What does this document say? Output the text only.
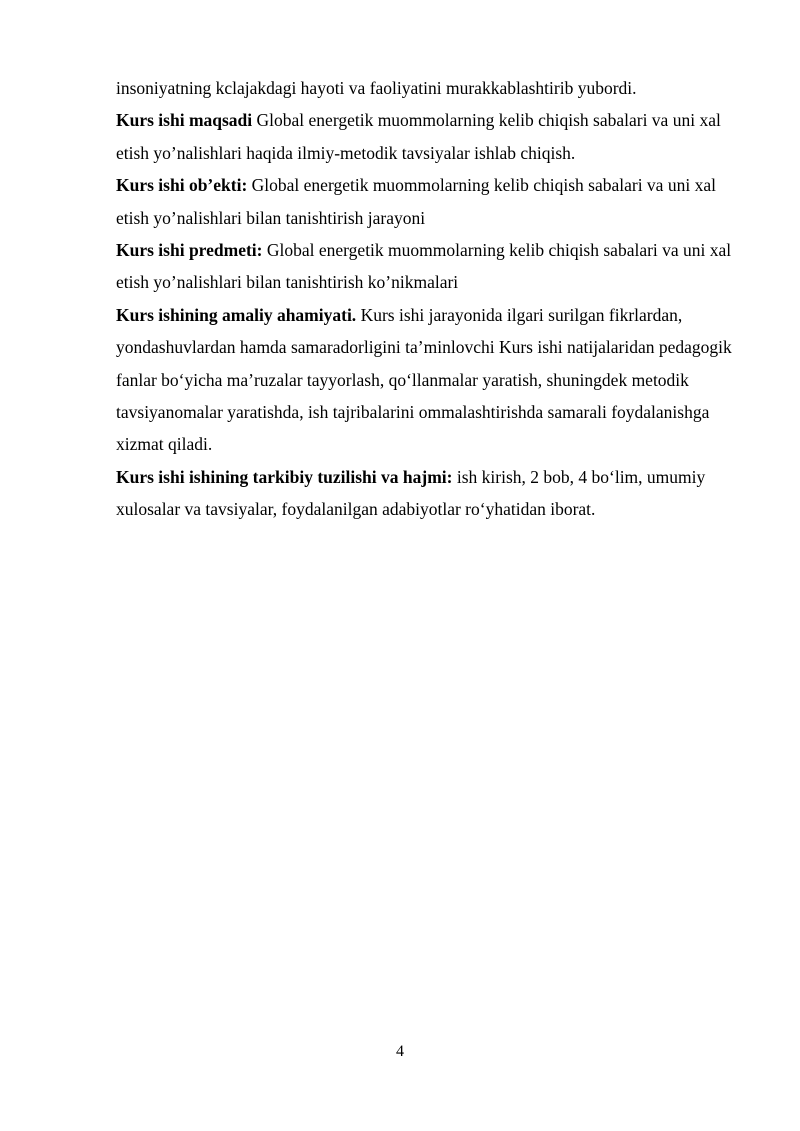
insoniyatning kclajakdagi hayoti va faoliyatini murakkablashtirib yubordi.

Kurs ishi maqsadi Global energetik muommolarning kelib chiqish sabalari va uni xal etish yo’nalishlari haqida ilmiy-metodik tavsiyalar ishlab chiqish.

Kurs ishi ob’ekti: Global energetik muommolarning kelib chiqish sabalari va uni xal etish yo’nalishlari bilan tanishtirish jarayoni

Kurs ishi predmeti: Global energetik muommolarning kelib chiqish sabalari va uni xal etish yo’nalishlari bilan tanishtirish ko’nikmalari

Kurs ishining amaliy ahamiyati. Kurs ishi jarayonida ilgari surilgan fikrlardan, yondashuvlardan hamda samaradorligini ta’minlovchi Kurs ishi natijalaridan pedagogik fanlar bo‘yicha ma’ruzalar tayyorlash, qo‘llanmalar yaratish, shuningdek metodik tavsiyanomalar yaratishda, ish tajribalarini ommalashtirishda samarali foydalanishga xizmat qiladi.

Kurs ishi ishining tarkibiy tuzilishi va hajmi: ish kirish, 2 bob, 4 bo‘lim, umumiy xulosalar va tavsiyalar, foydalanilgan adabiyotlar ro‘yhatidan iborat.

4
